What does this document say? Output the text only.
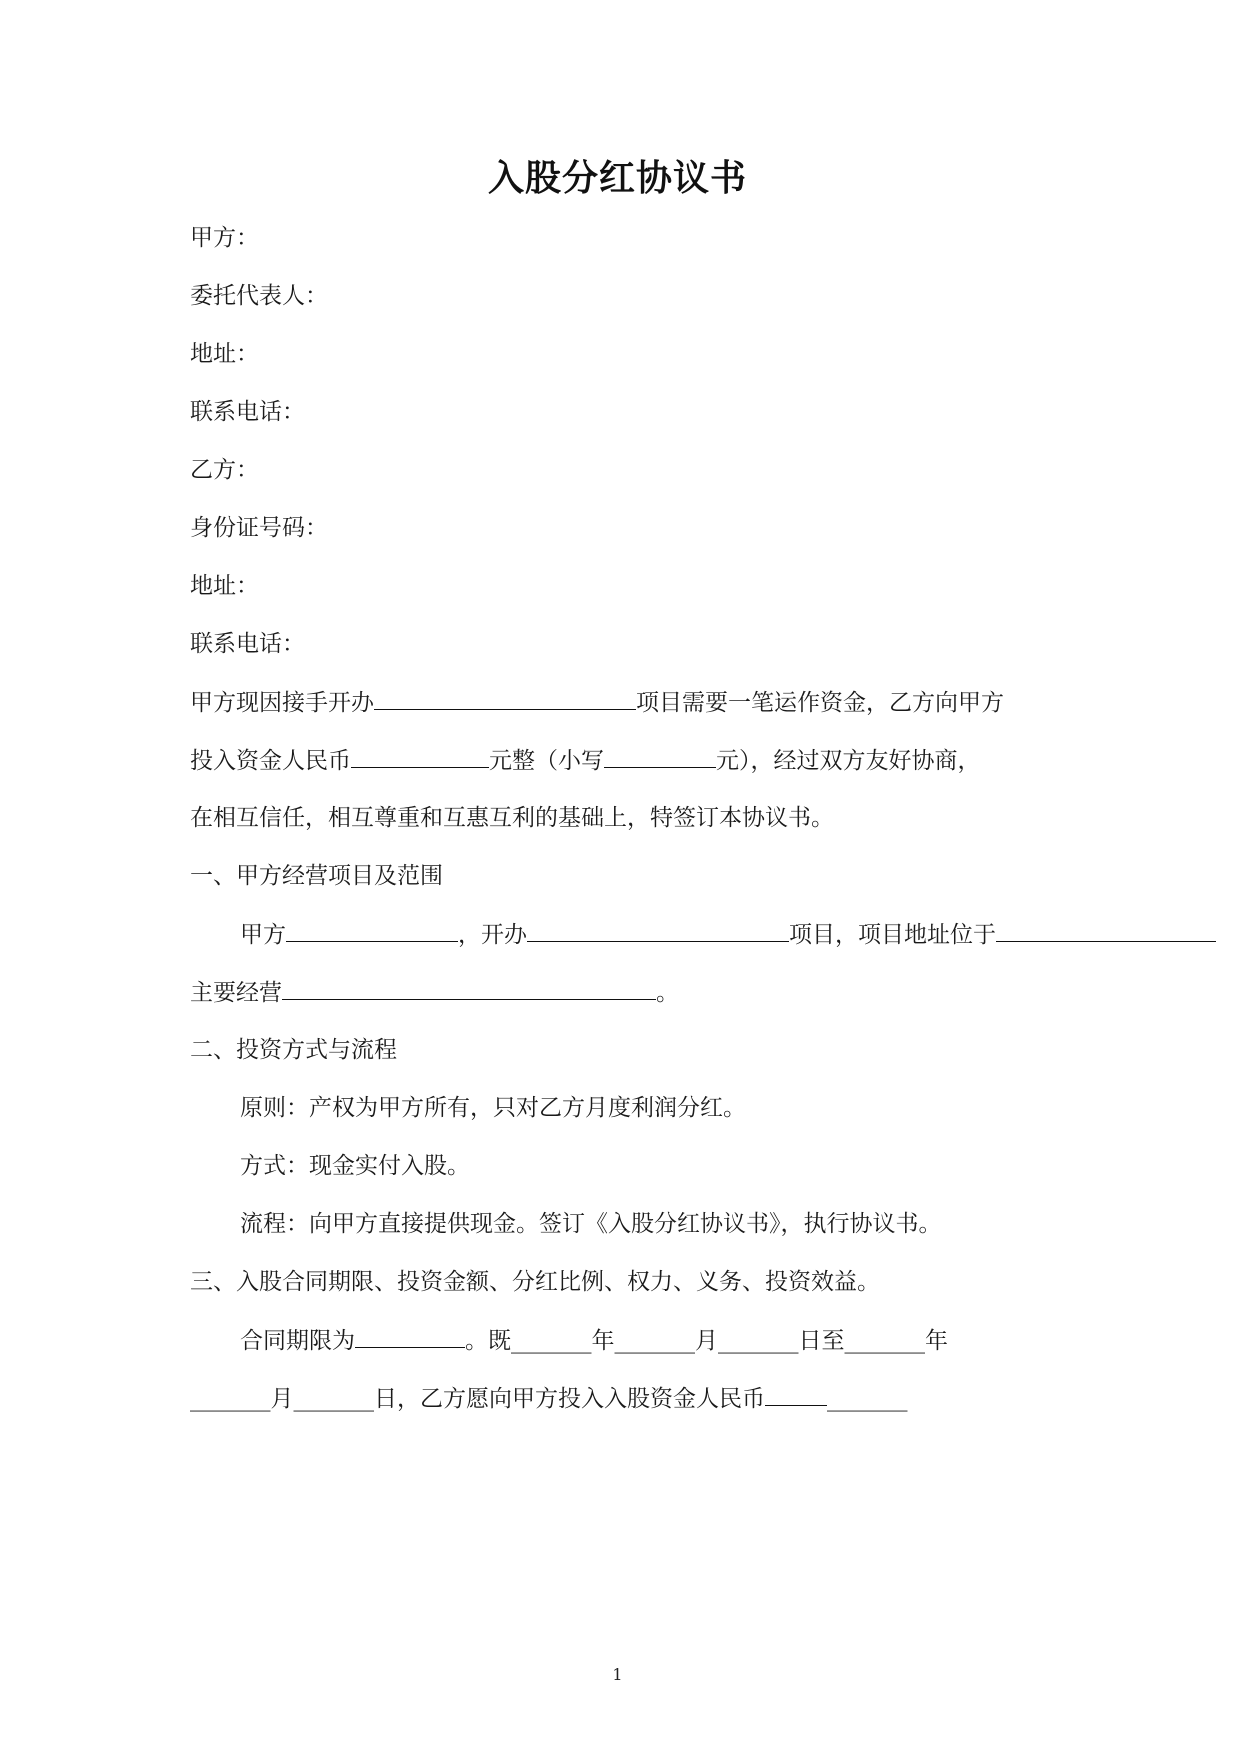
入股分红协议书
甲方：
委托代表人：
地址：
联系电话：
乙方：
身份证号码：
地址：
联系电话：
甲方现因接手开办	项目需要一笔运作资金，乙方向甲方
投入资金人民币	元整（小写	元），经过双方友好协商，
在相互信任，相互尊重和互惠互利的基础上，特签订本协议书。
一、甲方经营项目及范围
甲方	，开办	项目，项目地址位于
主要经营	。
二、投资方式与流程
原则：产权为甲方所有，只对乙方月度利润分红。
方式：现金实付入股。
流程：向甲方直接提供现金。签订《入股分红协议书》，执行协议书。
三、入股合同期限、投资金额、分红比例、权力、义务、投资效益。
合同期限为	。既_______年_______月_______日至_______年
_______月_______日，乙方愿向甲方投入入股资金人民币	_______
1
